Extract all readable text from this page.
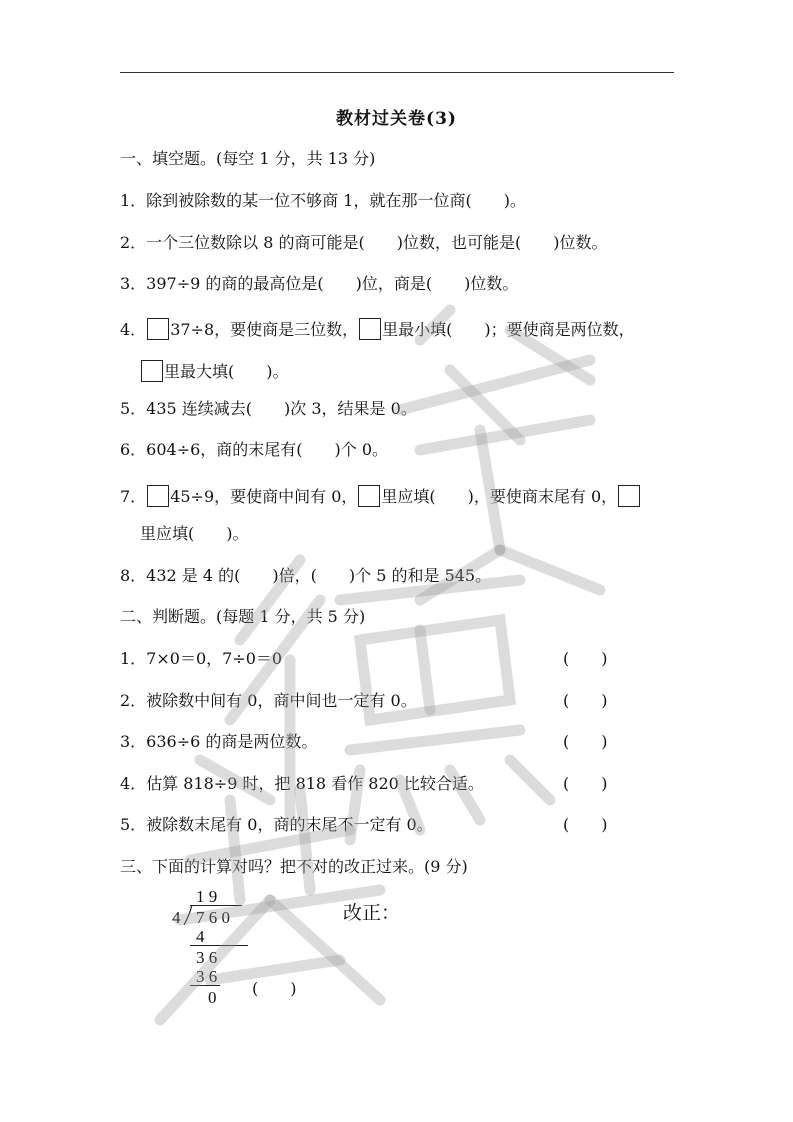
教材过关卷(3)
一、填空题。(每空 1 分，共 13 分)
1．除到被除数的某一位不够商 1，就在那一位商(　　)。
2．一个三位数除以 8 的商可能是(　　)位数，也可能是(　　)位数。
3．397÷9 的商的最高位是(　　)位，商是(　　)位数。
4． 37÷8，要使商是三位数， 里最小填(　　)；要使商是两位数，
里最大填(　　)。
5．435 连续减去(　　)次 3，结果是 0。
6．604÷6，商的末尾有(　　)个 0。
7． 45÷9，要使商中间有 0， 里应填(　　)，要使商末尾有 0，
里应填(　　)。
8．432 是 4 的(　　)倍，(　　)个 5 的和是 545。
二、判断题。(每题 1 分，共 5 分)
1．7×0＝0，7÷0＝0	(　　)
2．被除数中间有 0，商中间也一定有 0。	(　　)
3．636÷6 的商是两位数。	(　　)
4．估算 818÷9 时，把 818 看作 820 比较合适。	(　　)
5．被除数末尾有 0，商的末尾不一定有 0。	(　　)
三、下面的计算对吗？把不对的改正过来。(9 分)
1 9
4 7 6 0
4
3 6
3 6
0 (　　)
改正：
